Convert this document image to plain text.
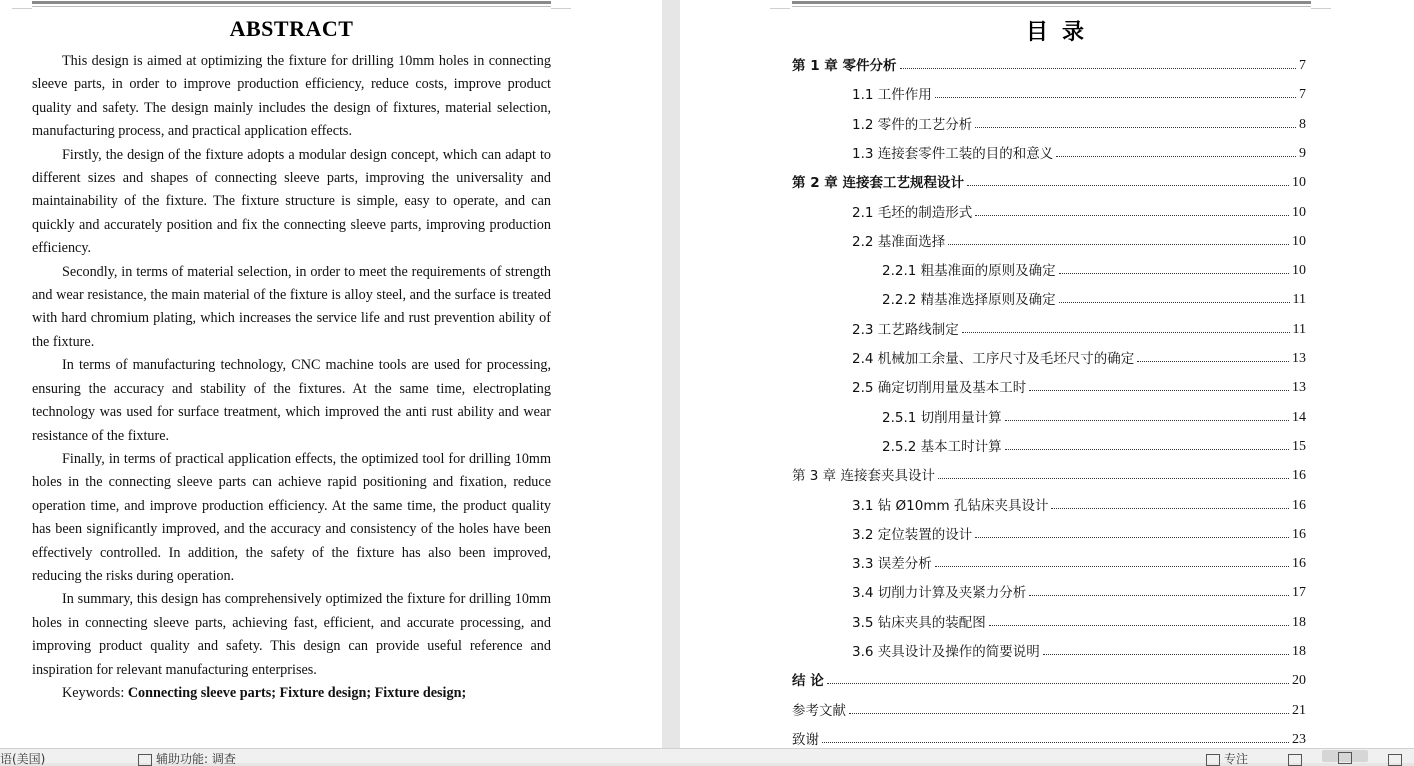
ABSTRACT

This design is aimed at optimizing the fixture for drilling 10mm holes in connecting sleeve parts, in order to improve production efficiency, reduce costs, improve product quality and safety. The design mainly includes the design of fixtures, material selection, manufacturing process, and practical application effects.

Firstly, the design of the fixture adopts a modular design concept, which can adapt to different sizes and shapes of connecting sleeve parts, improving the universality and maintainability of the fixture. The fixture structure is simple, easy to operate, and can quickly and accurately position and fix the connecting sleeve parts, improving production efficiency.

Secondly, in terms of material selection, in order to meet the requirements of strength and wear resistance, the main material of the fixture is alloy steel, and the surface is treated with hard chromium plating, which increases the service life and rust prevention ability of the fixture.

In terms of manufacturing technology, CNC machine tools are used for processing, ensuring the accuracy and stability of the fixtures. At the same time, electroplating technology was used for surface treatment, which improved the anti rust ability and wear resistance of the fixture.

Finally, in terms of practical application effects, the optimized tool for drilling 10mm holes in the connecting sleeve parts can achieve rapid positioning and fixation, reduce operation time, and improve production efficiency. At the same time, the product quality has been significantly improved, and the accuracy and consistency of the holes have been effectively controlled. In addition, the safety of the fixture has also been improved, reducing the risks during operation.

In summary, this design has comprehensively optimized the fixture for drilling 10mm holes in connecting sleeve parts, achieving fast, efficient, and accurate processing, and improving product quality and safety. This design can provide useful reference and inspiration for relevant manufacturing enterprises.

Keywords: Connecting sleeve parts; Fixture design; Fixture design;

目录
第 1 章 零件分析	7
1.1 工件作用	7
1.2 零件的工艺分析	8
1.3 连接套零件工装的目的和意义	9
第 2 章 连接套工艺规程设计	10
2.1 毛坯的制造形式	10
2.2 基准面选择	10
2.2.1 粗基准面的原则及确定	10
2.2.2 精基准选择原则及确定	11
2.3 工艺路线制定	11
2.4 机械加工余量、工序尺寸及毛坯尺寸的确定	13
2.5 确定切削用量及基本工时	13
2.5.1 切削用量计算	14
2.5.2 基本工时计算	15
第 3 章 连接套夹具设计	16
3.1 钻 Ø10mm 孔钻床夹具设计	16
3.2 定位装置的设计	16
3.3 误差分析	16
3.4 切削力计算及夹紧力分析	17
3.5 钻床夹具的装配图	18
3.6 夹具设计及操作的简要说明	18
结 论	20
参考文献	21
致谢	23
语(美国)	辅助功能: 调查	专注
